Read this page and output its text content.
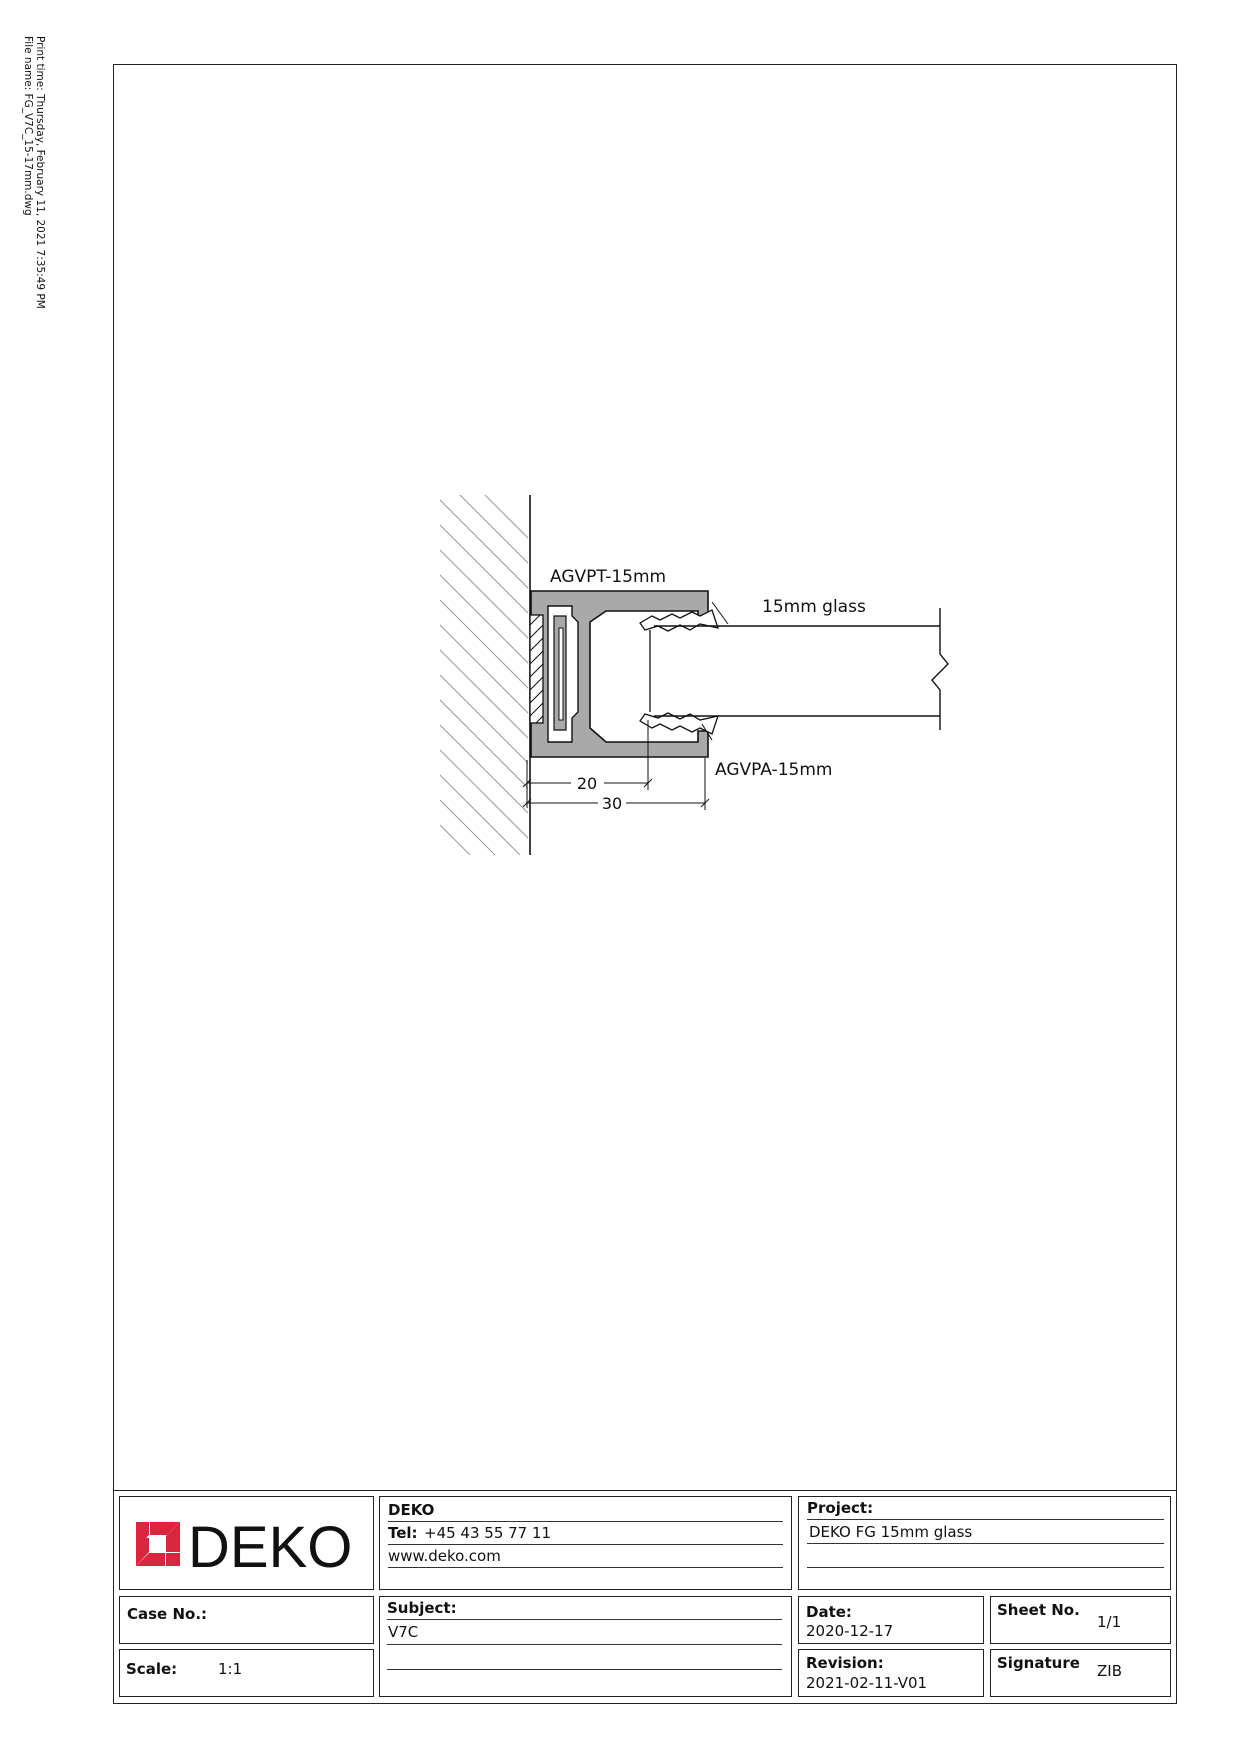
Print time: Thursday, February 11, 2021 7:35:49 PM
File name: FG_V7C_15-17mm.dwg
AGVPT-15mm
15mm glass
AGVPA-15mm
20
30
DEKO
DEKO
Tel: +45 43 55 77 11
www.deko.com
Project:
DEKO FG 15mm glass
Case No.:
Scale:	1:1
Subject:
V7C
Date:
2020-12-17
Sheet No.
1/1
Revision:
2021-02-11-V01
Signature ZIB
